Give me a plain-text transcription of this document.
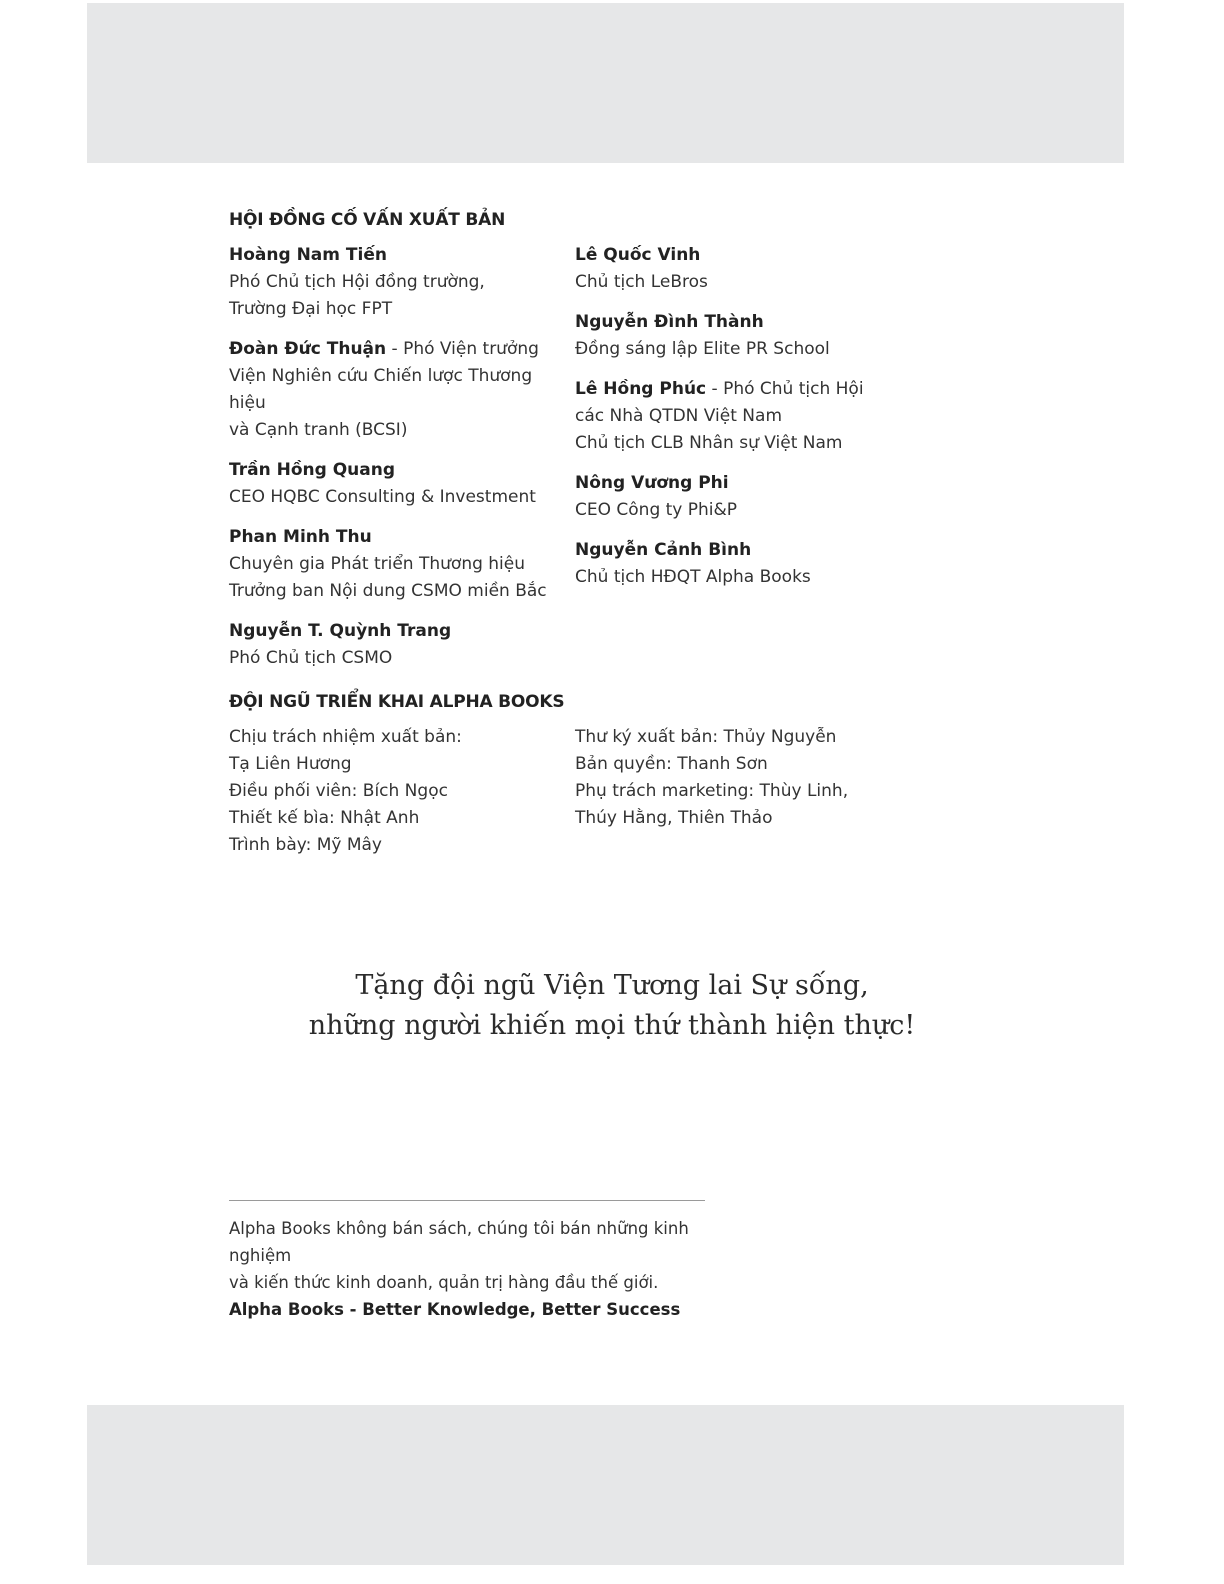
HỘI ĐỒNG CỐ VẤN XUẤT BẢN
Hoàng Nam Tiến
Phó Chủ tịch Hội đồng trường,
Trường Đại học FPT
Đoàn Đức Thuận - Phó Viện trưởng
Viện Nghiên cứu Chiến lược Thương hiệu
và Cạnh tranh (BCSI)
Trần Hồng Quang
CEO HQBC Consulting & Investment
Phan Minh Thu
Chuyên gia Phát triển Thương hiệu
Trưởng ban Nội dung CSMO miền Bắc
Nguyễn T. Quỳnh Trang
Phó Chủ tịch CSMO
Lê Quốc Vinh
Chủ tịch LeBros
Nguyễn Đình Thành
Đồng sáng lập Elite PR School
Lê Hồng Phúc - Phó Chủ tịch Hội
các Nhà QTDN Việt Nam
Chủ tịch CLB Nhân sự Việt Nam
Nông Vương Phi
CEO Công ty Phi&P
Nguyễn Cảnh Bình
Chủ tịch HĐQT Alpha Books
ĐỘI NGŨ TRIỂN KHAI ALPHA BOOKS
Chịu trách nhiệm xuất bản:
Tạ Liên Hương
Điều phối viên: Bích Ngọc
Thiết kế bìa: Nhật Anh
Trình bày: Mỹ Mây
Thư ký xuất bản: Thủy Nguyễn
Bản quyền: Thanh Sơn
Phụ trách marketing: Thùy Linh,
Thúy Hằng, Thiên Thảo
Tặng đội ngũ Viện Tương lai Sự sống,
những người khiến mọi thứ thành hiện thực!
Alpha Books không bán sách, chúng tôi bán những kinh nghiệm
và kiến thức kinh doanh, quản trị hàng đầu thế giới.
Alpha Books - Better Knowledge, Better Success
